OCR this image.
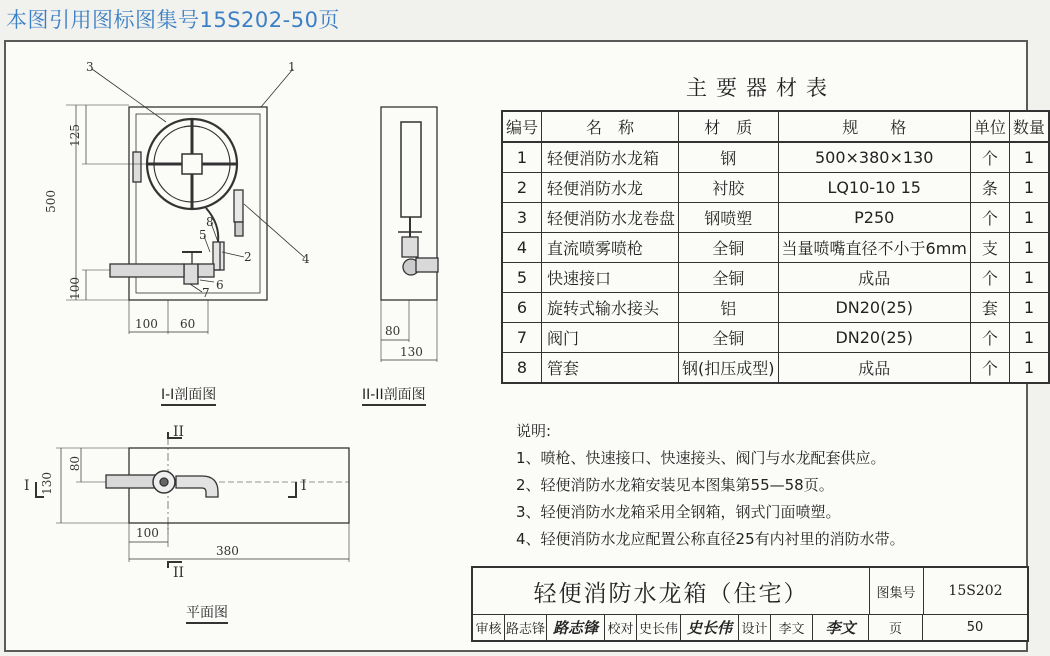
本图引用图标图集号15S202-50页
3	1
4
2
8
5
7
6
500
125
100
100 60
I-I剖面图
80
130
II-II剖面图
130
80
100
380
II
II
I	I
平面图
主要器材表
编号	名　称	材　质	规　　格	单位	数量
1	轻便消防水龙箱	钢	500×380×130	个	1
2	轻便消防水龙	衬胶	LQ10-10 15	条	1
3	轻便消防水龙卷盘	钢喷塑	P250	个	1
4	直流喷雾喷枪	全铜	当量喷嘴直径不小于6mm	支	1
5	快速接口	全铜	成品	个	1
6	旋转式输水接头	铝	DN20(25)	套	1
7	阀门	全铜	DN20(25)	个	1
8	管套	钢(扣压成型)	成品	个	1
说明:
1、喷枪、快速接口、快速接头、阀门与水龙配套供应。
2、轻便消防水龙箱安装见本图集第55—58页。
3、轻便消防水龙箱采用全钢箱，钢式门面喷塑。
4、轻便消防水龙应配置公称直径25有内衬里的消防水带。
轻便消防水龙箱（住宅）	图集号	15S202
审核 路志锋 路志锋 校对 史长伟 史长伟 设计 李文	李文	页	50
